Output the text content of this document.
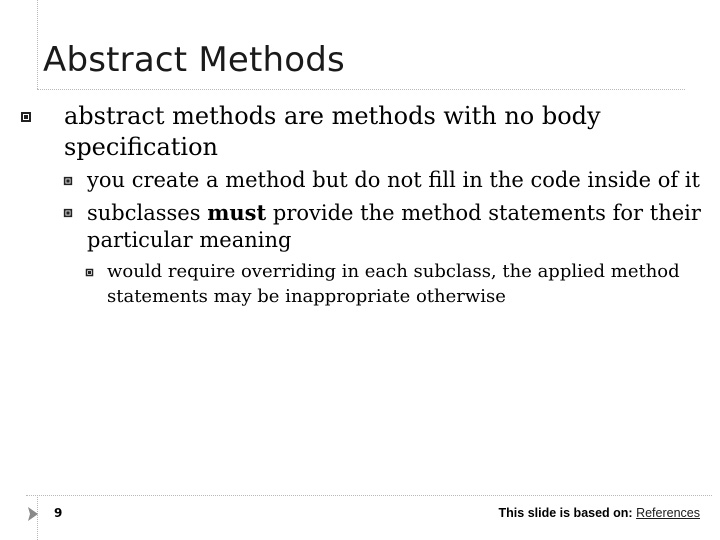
Abstract Methods
abstract methods are methods with no body
specification
you create a method but do not fill in the code inside of it
subclasses must provide the method statements for their
particular meaning
would require overriding in each subclass, the applied method
statements may be inappropriate otherwise
9	This slide is based on: References
